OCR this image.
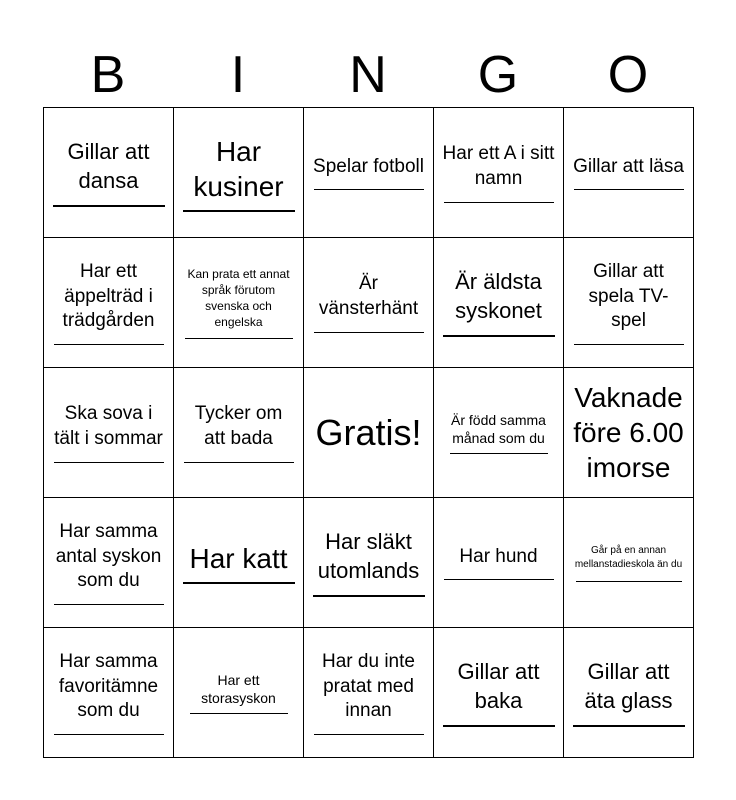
B	I	N	G	O
Gillar att dansa
Har kusiner
Spelar fotboll
Har ett A i sitt namn
Gillar att läsa
Har ett äppelträd i trädgården
Kan prata ett annat språk förutom svenska och engelska
Är vänsterhänt
Är äldsta syskonet
Gillar att spela TV-spel
Ska sova i tält i sommar
Tycker om att bada	Gratis!	Är född samma månad som du
Vaknade före 6.00 imorse
Har samma antal syskon som du
Har katt
Har släkt utomlands
Har hund	Går på en annan mellanstadieskola än du
Har samma favoritämne som du
Har ett storasyskon
Har du inte pratat med innan
Gillar att baka
Gillar att äta glass
